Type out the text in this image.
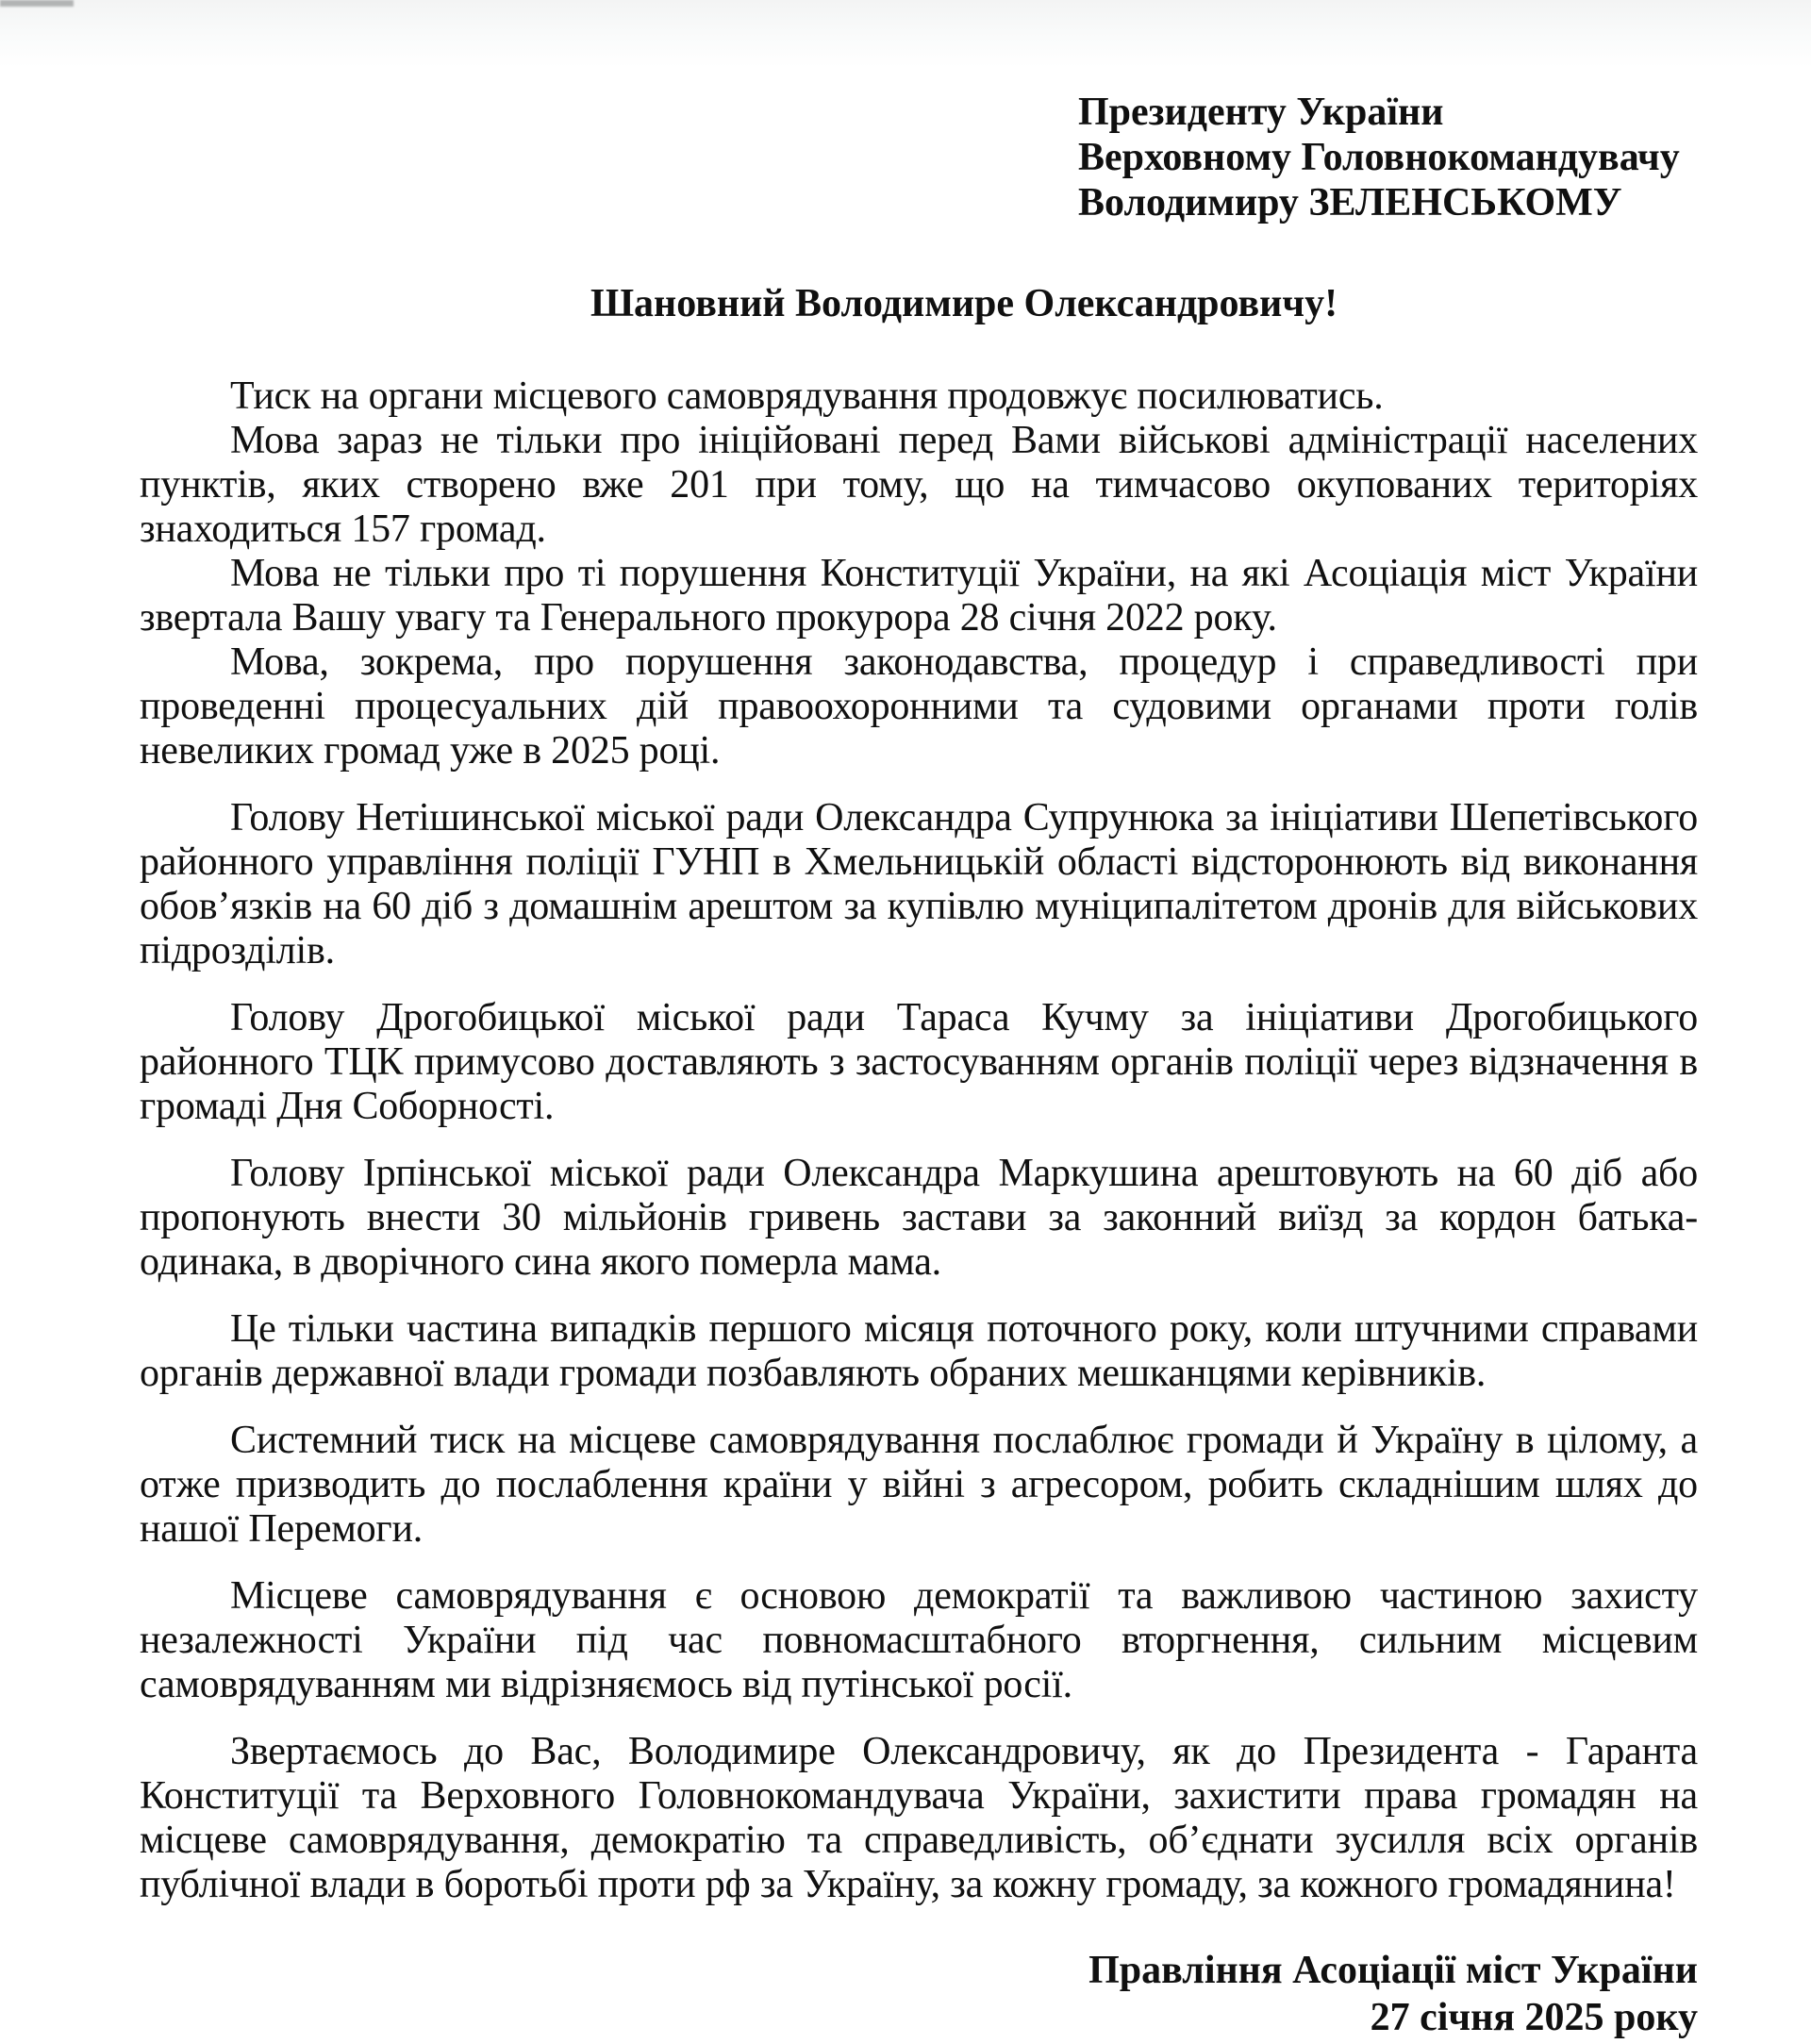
Президенту України
Верховному Головнокомандувачу
Володимиру ЗЕЛЕНСЬКОМУ
Шановний Володимире Олександровичу!

Тиск на органи місцевого самоврядування продовжує посилюватись.

Мова зараз не тільки про ініційовані перед Вами військові адміністрації населених пунктів, яких створено вже 201 при тому, що на тимчасово окупованих територіях знаходиться 157 громад.

Мова не тільки про ті порушення Конституції України, на які Асоціація міст України звертала Вашу увагу та Генерального прокурора 28 січня 2022 року.

Мова, зокрема, про порушення законодавства, процедур і справедливості при проведенні процесуальних дій правоохоронними та судовими органами проти голів невеликих громад уже в 2025 році.

Голову Нетішинської міської ради Олександра Супрунюка за ініціативи Шепетівського районного управління поліції ГУНП в Хмельницькій області відсторонюють від виконання обов’язків на 60 діб з домашнім арештом за купівлю муніципалітетом дронів для військових підрозділів.

Голову Дрогобицької міської ради Тараса Кучму за ініціативи Дрогобицького районного ТЦК примусово доставляють з застосуванням органів поліції через відзначення в громаді Дня Соборності.

Голову Ірпінської міської ради Олександра Маркушина арештовують на 60 діб або пропонують внести 30 мільйонів гривень застави за законний виїзд за кордон батька-одинака, в дворічного сина якого померла мама.

Це тільки частина випадків першого місяця поточного року, коли штучними справами органів державної влади громади позбавляють обраних мешканцями керівників.

Системний тиск на місцеве самоврядування послаблює громади й Україну в цілому, а отже призводить до послаблення країни у війні з агресором, робить складнішим шлях до нашої Перемоги.

Місцеве самоврядування є основою демократії та важливою частиною захисту незалежності України під час повномасштабного вторгнення, сильним місцевим самоврядуванням ми відрізняємось від путінської росії.

Звертаємось до Вас, Володимире Олександровичу, як до Президента - Гаранта Конституції та Верховного Головнокомандувача України, захистити права громадян на місцеве самоврядування, демократію та справедливість, об’єднати зусилля всіх органів публічної влади в боротьбі проти рф за Україну, за кожну громаду, за кожного громадянина!

Правління Асоціації міст України
27 січня 2025 року
